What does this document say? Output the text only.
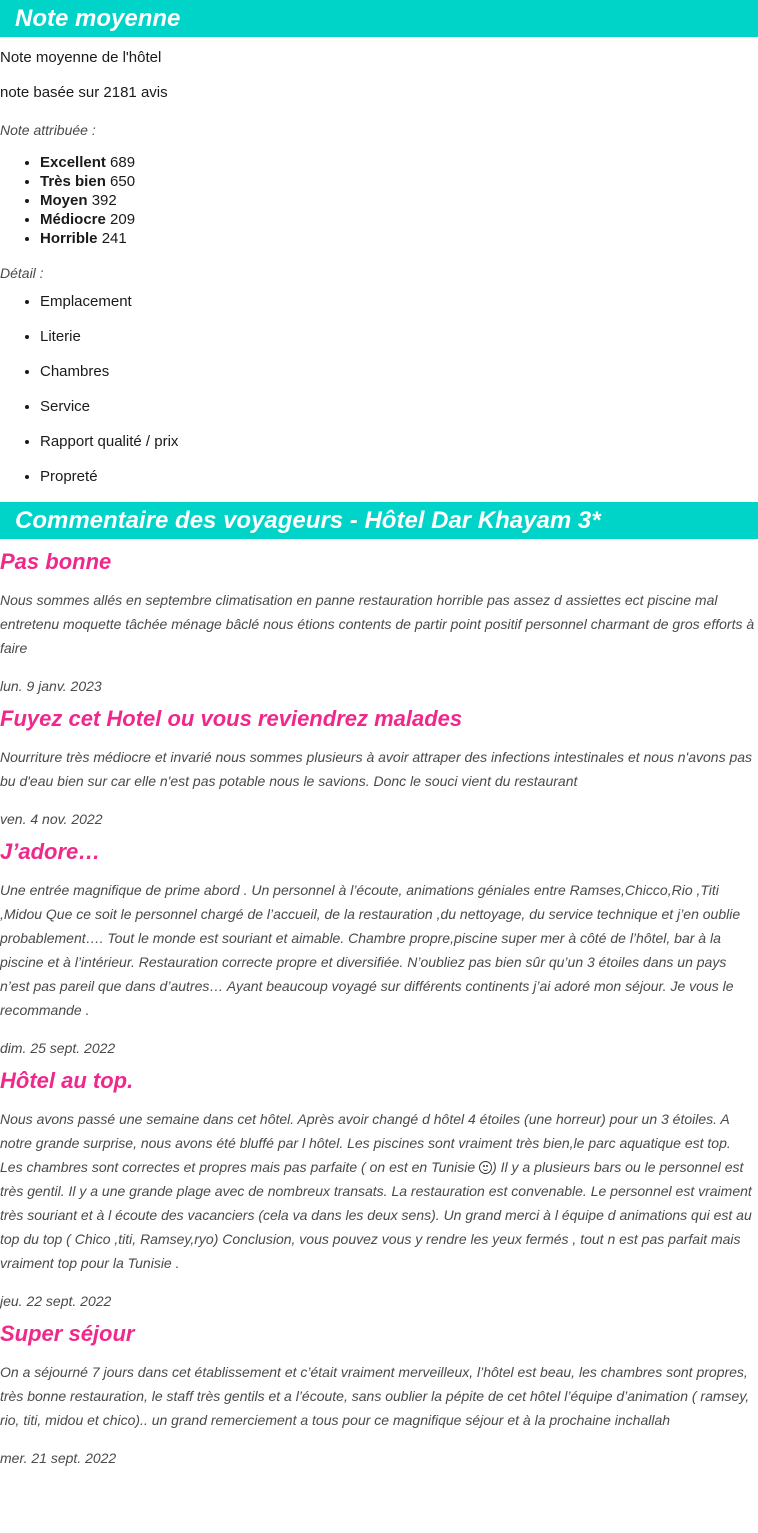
Note moyenne

Note moyenne de l'hôtel

note basée sur 2181 avis

Note attribuée :

• Excellent 689
• Très bien 650
• Moyen 392
• Médiocre 209
• Horrible 241

Détail :

• Emplacement
• Literie
• Chambres
• Service
• Rapport qualité / prix
• Propreté
Commentaire des voyageurs - Hôtel Dar Khayam 3*
Pas bonne

Nous sommes allés en septembre climatisation en panne restauration horrible pas assez d assiettes ect piscine mal entretenu moquette tâchée ménage bâclé nous étions contents de partir point positif personnel charmant de gros efforts à faire

lun. 9 janv. 2023

Fuyez cet Hotel ou vous reviendrez malades

Nourriture très médiocre et invarié nous sommes plusieurs à avoir attraper des infections intestinales et nous n'avons pas bu d'eau bien sur car elle n'est pas potable nous le savions. Donc le souci vient du restaurant

ven. 4 nov. 2022

J’adore…

Une entrée magnifique de prime abord . Un personnel à l’écoute, animations géniales entre Ramses,Chicco,Rio ,Titi ,Midou Que ce soit le personnel chargé de l’accueil, de la restauration ,du nettoyage, du service technique et j’en oublie probablement…. Tout le monde est souriant et aimable. Chambre propre,piscine super mer à côté de l’hôtel, bar à la piscine et à l’intérieur. Restauration correcte propre et diversifiée. N’oubliez pas bien sûr qu’un 3 étoiles dans un pays n’est pas pareil que dans d’autres… Ayant beaucoup voyagé sur différents continents j’ai adoré mon séjour. Je vous le recommande .

dim. 25 sept. 2022

Hôtel au top.

Nous avons passé une semaine dans cet hôtel. Après avoir changé d hôtel 4 étoiles (une horreur) pour un 3 étoiles. A notre grande surprise, nous avons été bluffé par l hôtel. Les piscines sont vraiment très bien,le parc aquatique est top. Les chambres sont correctes et propres mais pas parfaite ( on est en Tunisie ) Il y a plusieurs bars ou le personnel est très gentil. Il y a une grande plage avec de nombreux transats. La restauration est convenable. Le personnel est vraiment très souriant et à l écoute des vacanciers (cela va dans les deux sens). Un grand merci à l équipe d animations qui est au top du top ( Chico ,titi, Ramsey,ryo) Conclusion, vous pouvez vous y rendre les yeux fermés , tout n est pas parfait mais vraiment top pour la Tunisie .

jeu. 22 sept. 2022

Super séjour

On a séjourné 7 jours dans cet établissement et c’était vraiment merveilleux, l’hôtel est beau, les chambres sont propres, très bonne restauration, le staff très gentils et a l’écoute, sans oublier la pépite de cet hôtel l’équipe d’animation ( ramsey, rio, titi, midou et chico).. un grand remerciement a tous pour ce magnifique séjour et à la prochaine inchallah

mer. 21 sept. 2022
